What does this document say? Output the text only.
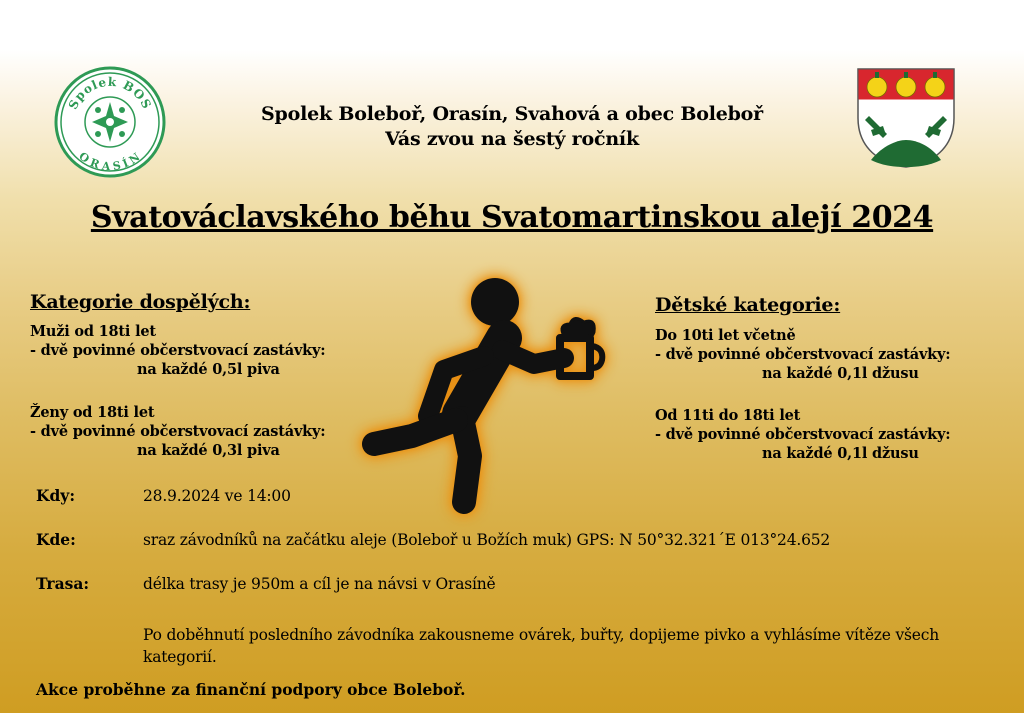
Spolek BOS
ORASÍN
Spolek Boleboř, Orasín, Svahová a obec Boleboř
Vás zvou na šestý ročník
Svatováclavského běhu Svatomartinskou alejí 2024
Kategorie dospělých:
Muži od 18ti let
- dvě povinné občerstvovací zastávky:
na každé 0,5l piva
Ženy od 18ti let
- dvě povinné občerstvovací zastávky:
na každé 0,3l piva
Dětské kategorie:
Do 10ti let včetně
- dvě povinné občerstvovací zastávky:
na každé 0,1l džusu
Od 11ti do 18ti let
- dvě povinné občerstvovací zastávky:
na každé 0,1l džusu
Kdy:	28.9.2024 ve 14:00
Kde:	sraz závodníků na začátku aleje (Boleboř u Božích muk) GPS: N 50°32.321´E 013°24.652
Trasa:	délka trasy je 950m a cíl je na návsi v Orasíně
Po doběhnutí posledního závodníka zakousneme ovárek, buřty, dopijeme pivko a vyhlásíme vítěze všech kategorií.
Akce proběhne za finanční podpory obce Boleboř.
